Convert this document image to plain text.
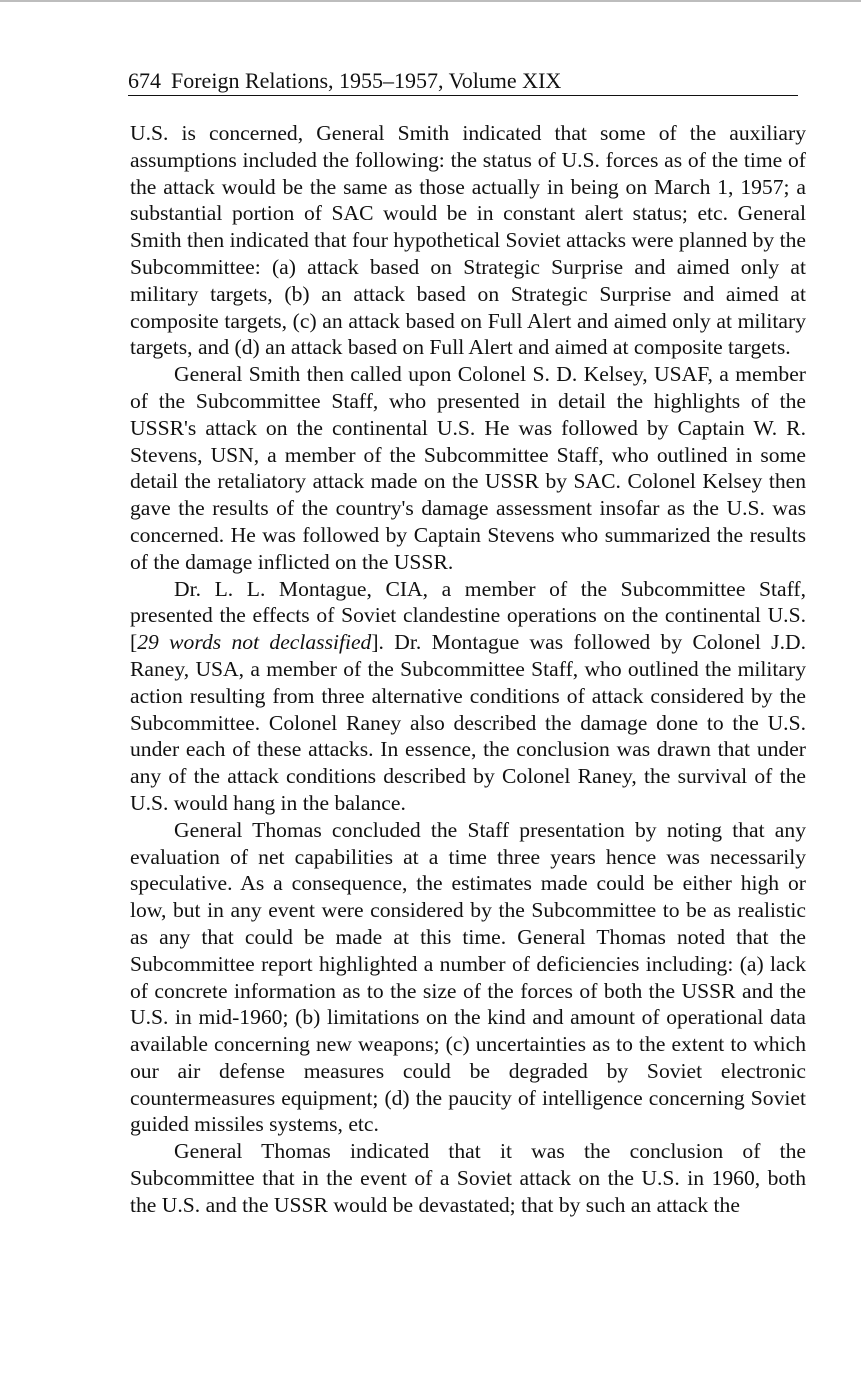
674 Foreign Relations, 1955–1957, Volume XIX

U.S. is concerned, General Smith indicated that some of the auxiliary assumptions included the following: the status of U.S. forces as of the time of the attack would be the same as those actually in being on March 1, 1957; a substantial portion of SAC would be in constant alert status; etc. General Smith then indicated that four hypothetical Soviet attacks were planned by the Subcommittee: (a) attack based on Strategic Surprise and aimed only at military targets, (b) an attack based on Strategic Surprise and aimed at composite targets, (c) an attack based on Full Alert and aimed only at military targets, and (d) an attack based on Full Alert and aimed at composite targets.

General Smith then called upon Colonel S. D. Kelsey, USAF, a member of the Subcommittee Staff, who presented in detail the highlights of the USSR's attack on the continental U.S. He was followed by Captain W. R. Stevens, USN, a member of the Subcommittee Staff, who outlined in some detail the retaliatory attack made on the USSR by SAC. Colonel Kelsey then gave the results of the country's damage assessment insofar as the U.S. was concerned. He was followed by Captain Stevens who summarized the results of the damage inflicted on the USSR.

Dr. L. L. Montague, CIA, a member of the Subcommittee Staff, presented the effects of Soviet clandestine operations on the continental U.S. [29 words not declassified]. Dr. Montague was followed by Colonel J.D. Raney, USA, a member of the Subcommittee Staff, who outlined the military action resulting from three alternative conditions of attack considered by the Subcommittee. Colonel Raney also described the damage done to the U.S. under each of these attacks. In essence, the conclusion was drawn that under any of the attack conditions described by Colonel Raney, the survival of the U.S. would hang in the balance.

General Thomas concluded the Staff presentation by noting that any evaluation of net capabilities at a time three years hence was necessarily speculative. As a consequence, the estimates made could be either high or low, but in any event were considered by the Subcommittee to be as realistic as any that could be made at this time. General Thomas noted that the Subcommittee report highlighted a number of deficiencies including: (a) lack of concrete information as to the size of the forces of both the USSR and the U.S. in mid-1960; (b) limitations on the kind and amount of operational data available concerning new weapons; (c) uncertainties as to the extent to which our air defense measures could be degraded by Soviet electronic countermeasures equipment; (d) the paucity of intelligence concerning Soviet guided missiles systems, etc.

General Thomas indicated that it was the conclusion of the Subcommittee that in the event of a Soviet attack on the U.S. in 1960, both the U.S. and the USSR would be devastated; that by such an attack the
